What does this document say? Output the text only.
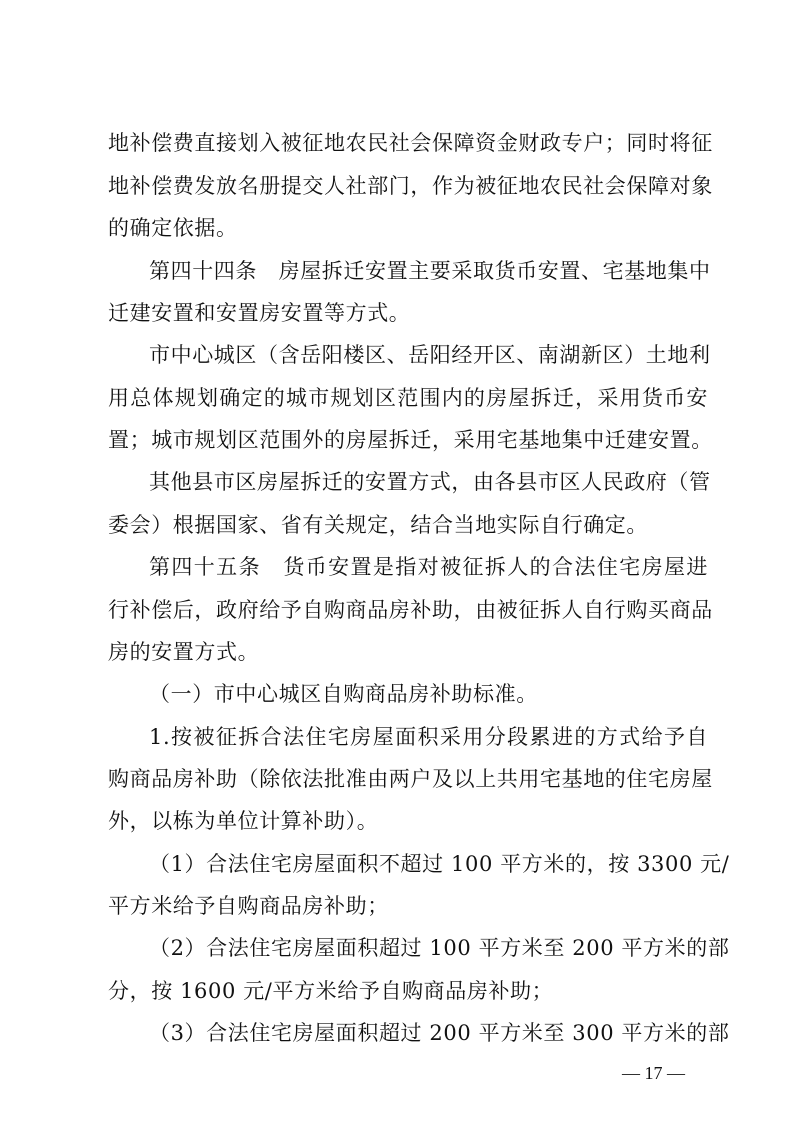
地补偿费直接划入被征地农民社会保障资金财政专户；同时将征
地补偿费发放名册提交人社部门，作为被征地农民社会保障对象
的确定依据。
第四十四条　房屋拆迁安置主要采取货币安置、宅基地集中
迁建安置和安置房安置等方式。
市中心城区（含岳阳楼区、岳阳经开区、南湖新区）土地利
用总体规划确定的城市规划区范围内的房屋拆迁，采用货币安
置；城市规划区范围外的房屋拆迁，采用宅基地集中迁建安置。
其他县市区房屋拆迁的安置方式，由各县市区人民政府（管
委会）根据国家、省有关规定，结合当地实际自行确定。
第四十五条　货币安置是指对被征拆人的合法住宅房屋进
行补偿后，政府给予自购商品房补助，由被征拆人自行购买商品
房的安置方式。
（一）市中心城区自购商品房补助标准。
1.按被征拆合法住宅房屋面积采用分段累进的方式给予自
购商品房补助（除依法批准由两户及以上共用宅基地的住宅房屋
外，以栋为单位计算补助）。
（1）合法住宅房屋面积不超过 100 平方米的，按 3300 元/
平方米给予自购商品房补助；
（2）合法住宅房屋面积超过 100 平方米至 200 平方米的部
分，按 1600 元/平方米给予自购商品房补助；
（3）合法住宅房屋面积超过 200 平方米至 300 平方米的部
— 17 —
